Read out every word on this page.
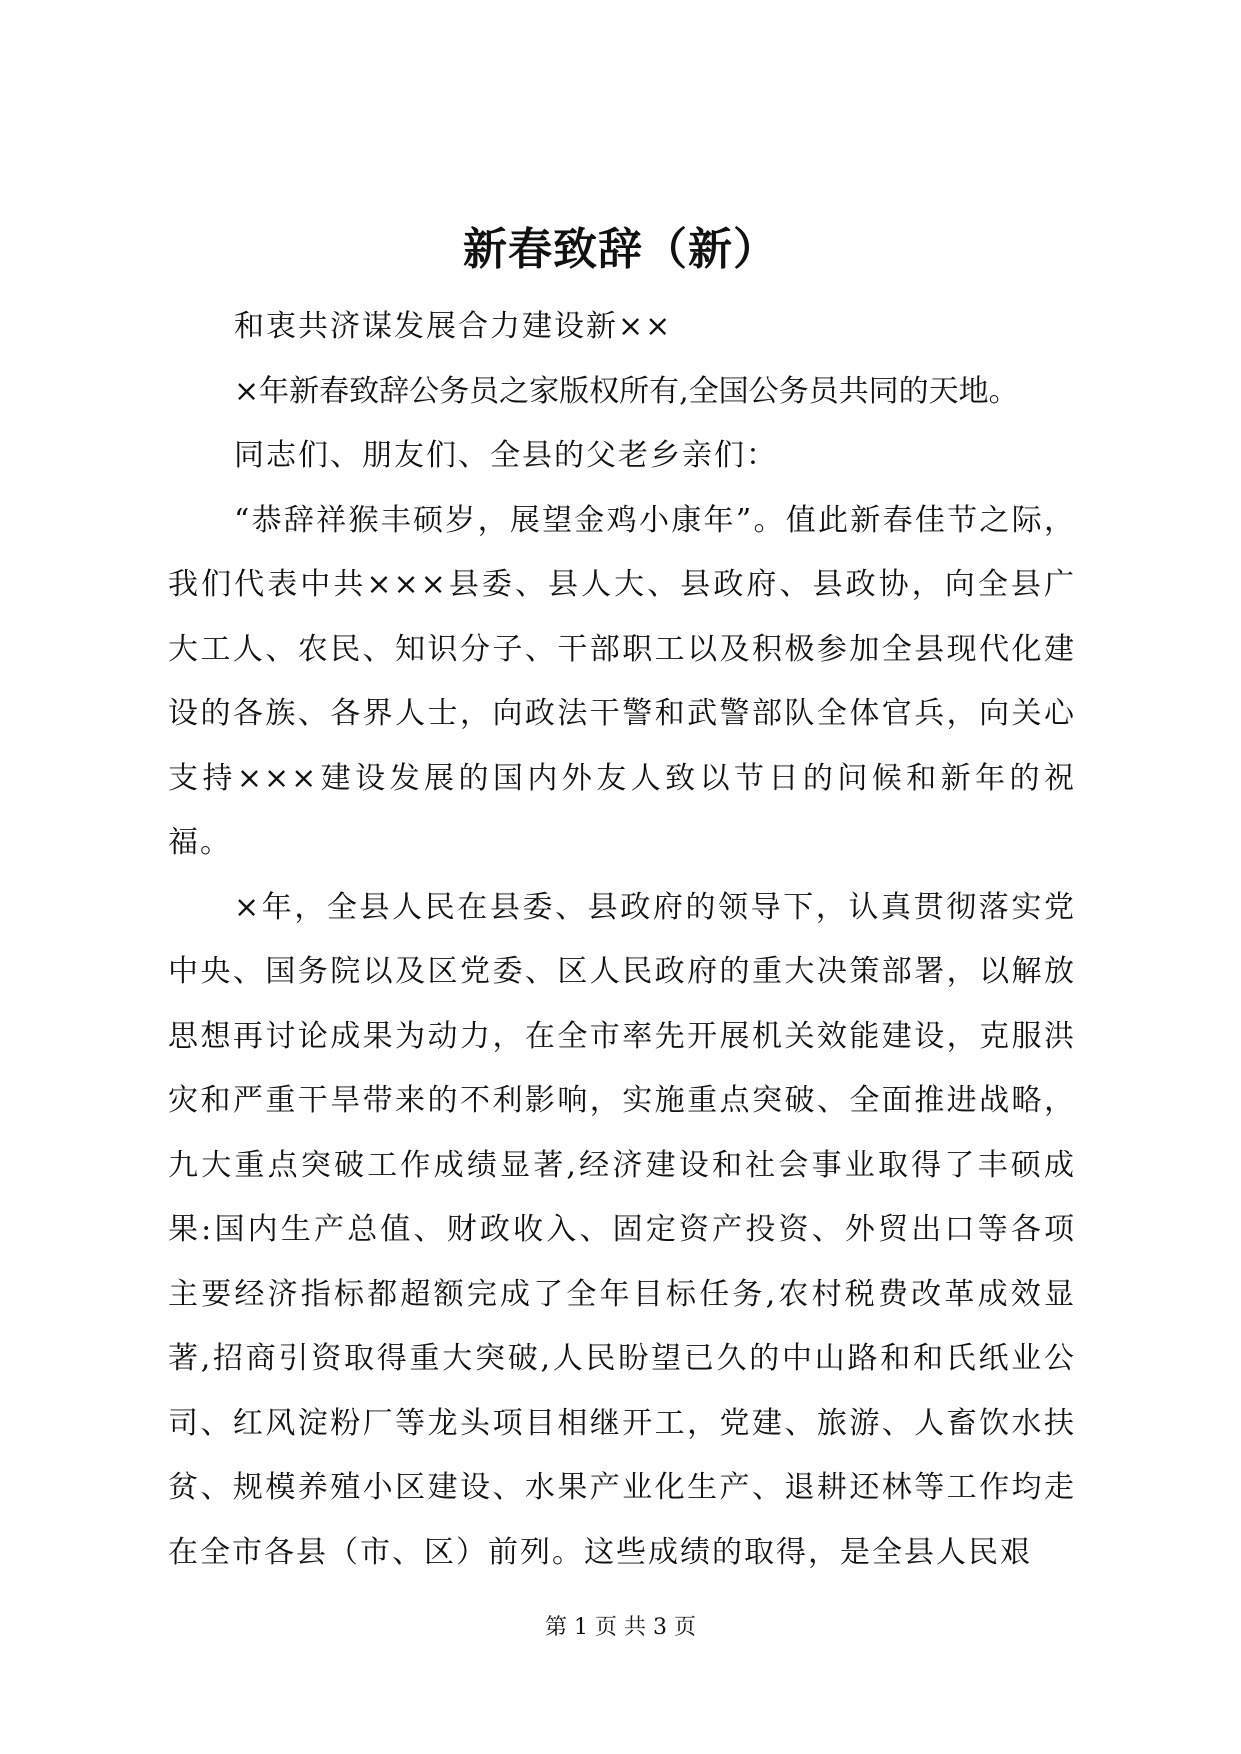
新春致辞（新）

和衷共济谋发展合力建设新××

×年新春致辞公务员之家版权所有,全国公务员共同的天地。

同志们、朋友们、全县的父老乡亲们：

“恭辞祥猴丰硕岁，展望金鸡小康年”。值此新春佳节之际，我们代表中共×××县委、县人大、县政府、县政协，向全县广大工人、农民、知识分子、干部职工以及积极参加全县现代化建设的各族、各界人士，向政法干警和武警部队全体官兵，向关心支持×××建设发展的国内外友人致以节日的问候和新年的祝福。

×年，全县人民在县委、县政府的领导下，认真贯彻落实党中央、国务院以及区党委、区人民政府的重大决策部署，以解放思想再讨论成果为动力，在全市率先开展机关效能建设，克服洪灾和严重干旱带来的不利影响，实施重点突破、全面推进战略，九大重点突破工作成绩显著,经济建设和社会事业取得了丰硕成果:国内生产总值、财政收入、固定资产投资、外贸出口等各项主要经济指标都超额完成了全年目标任务,农村税费改革成效显著,招商引资取得重大突破,人民盼望已久的中山路和和氏纸业公司、红风淀粉厂等龙头项目相继开工，党建、旅游、人畜饮水扶贫、规模养殖小区建设、水果产业化生产、退耕还林等工作均走在全市各县（市、区）前列。这些成绩的取得，是全县人民艰

第 1 页 共 3 页
